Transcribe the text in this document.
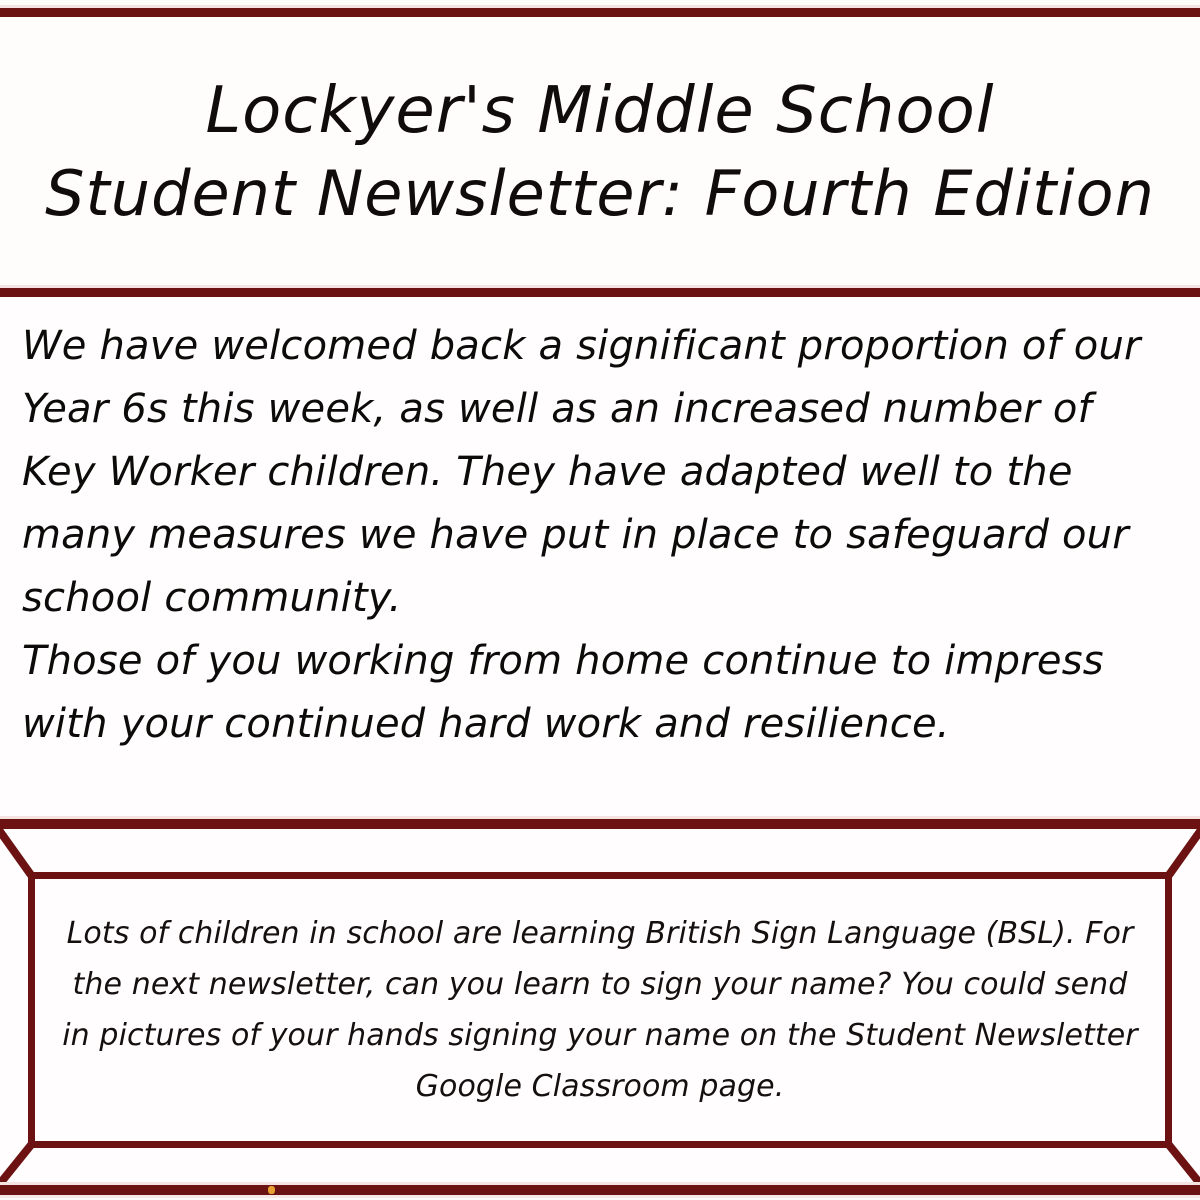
Lockyer's Middle School
Student Newsletter: Fourth Edition

We have welcomed back a significant proportion of our Year 6s this week, as well as an increased number of Key Worker children. They have adapted well to the many measures we have put in place to safeguard our school community.

Those of you working from home continue to impress with your continued hard work and resilience.

Lots of children in school are learning British Sign Language (BSL). For the next newsletter, can you learn to sign your name? You could send in pictures of your hands signing your name on the Student Newsletter Google Classroom page.
